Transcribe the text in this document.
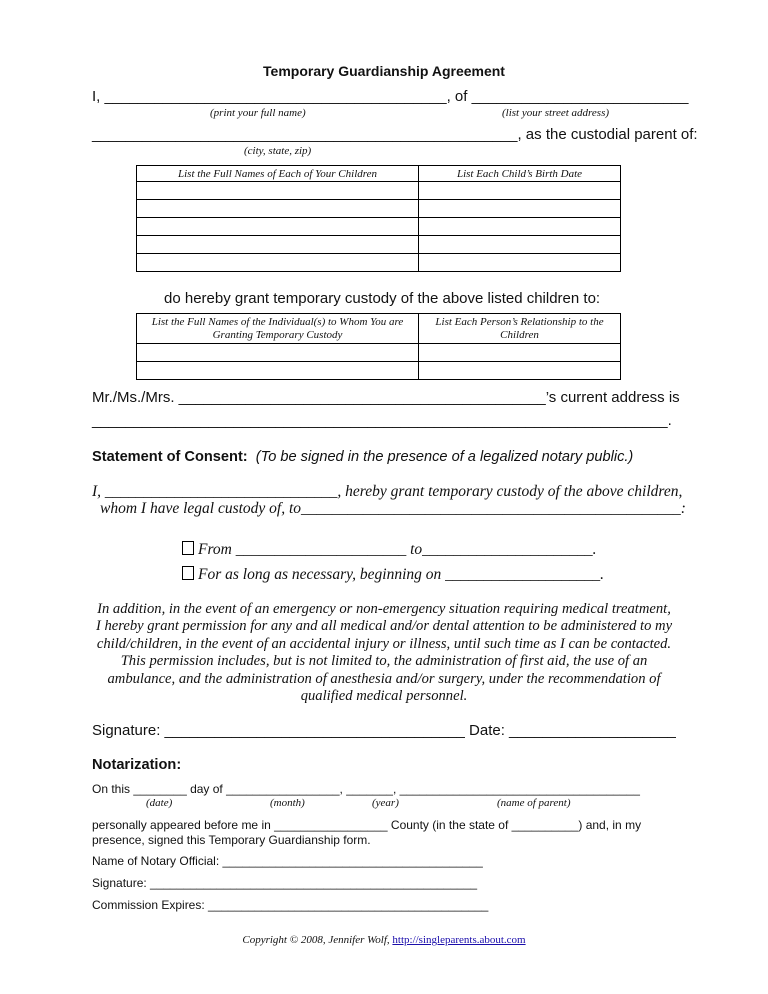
Temporary Guardianship Agreement
I, _________________________________________, of __________________________
(print your full name)	(list your street address)
___________________________________________________, as the custodial parent of:
(city, state, zip)
List the Full Names of Each of Your Children	List Each Child’s Birth Date

do hereby grant temporary custody of the above listed children to:
List the Full Names of the Individual(s) to Whom You are Granting Temporary Custody	List Each Person’s Relationship to the Children

Mr./Ms./Mrs. ____________________________________________’s current address is
_____________________________________________________________________.
Statement of Consent: (To be signed in the presence of a legalized notary public.)
I, ______________________________, hereby grant temporary custody of the above children,
whom I have legal custody of, to_________________________________________________:
From ______________________ to______________________.
For as long as necessary, beginning on ____________________.
In addition, in the event of an emergency or non-emergency situation requiring medical treatment, I hereby grant permission for any and all medical and/or dental attention to be administered to my child/children, in the event of an accidental injury or illness, until such time as I can be contacted. This permission includes, but is not limited to, the administration of first aid, the use of an ambulance, and the administration of anesthesia and/or surgery, under the recommendation of qualified medical personnel.
Signature: ____________________________________ Date: ____________________
Notarization:
On this ________ day of _________________, _______, ____________________________________
(date)	(month)	(year)	(name of parent)
personally appeared before me in _________________ County (in the state of __________) and, in my
presence, signed this Temporary Guardianship form.
Name of Notary Official: _______________________________________
Signature: _________________________________________________
Commission Expires: __________________________________________
Copyright © 2008, Jennifer Wolf, http://singleparents.about.com
